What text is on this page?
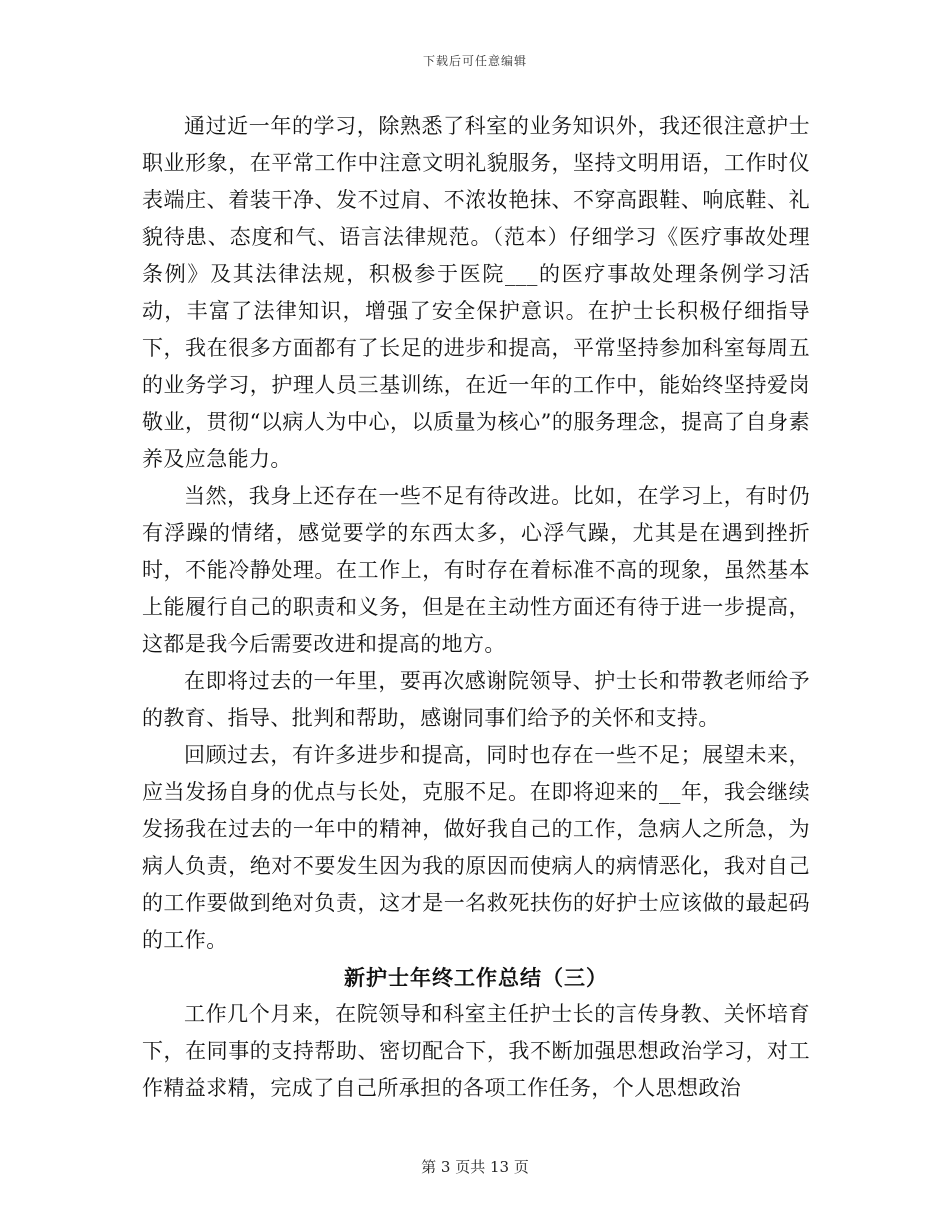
下载后可任意编辑

通过近一年的学习，除熟悉了科室的业务知识外，我还很注意护士职业形象，在平常工作中注意文明礼貌服务，坚持文明用语，工作时仪表端庄、着装干净、发不过肩、不浓妆艳抹、不穿高跟鞋、响底鞋、礼貌待患、态度和气、语言法律规范。（范本）仔细学习《医疗事故处理条例》及其法律法规，积极参于医院___的医疗事故处理条例学习活动，丰富了法律知识，增强了安全保护意识。在护士长积极仔细指导下，我在很多方面都有了长足的进步和提高，平常坚持参加科室每周五的业务学习，护理人员三基训练，在近一年的工作中，能始终坚持爱岗敬业，贯彻“以病人为中心，以质量为核心”的服务理念，提高了自身素养及应急能力。

当然，我身上还存在一些不足有待改进。比如，在学习上，有时仍有浮躁的情绪，感觉要学的东西太多，心浮气躁，尤其是在遇到挫折时，不能冷静处理。在工作上，有时存在着标准不高的现象，虽然基本上能履行自己的职责和义务，但是在主动性方面还有待于进一步提高，这都是我今后需要改进和提高的地方。

在即将过去的一年里，要再次感谢院领导、护士长和带教老师给予的教育、指导、批判和帮助，感谢同事们给予的关怀和支持。

回顾过去，有许多进步和提高，同时也存在一些不足；展望未来，应当发扬自身的优点与长处，克服不足。在即将迎来的__年，我会继续发扬我在过去的一年中的精神，做好我自己的工作，急病人之所急，为病人负责，绝对不要发生因为我的原因而使病人的病情恶化，我对自己的工作要做到绝对负责，这才是一名救死扶伤的好护士应该做的最起码的工作。

新护士年终工作总结（三）

工作几个月来，在院领导和科室主任护士长的言传身教、关怀培育下，在同事的支持帮助、密切配合下，我不断加强思想政治学习，对工作精益求精，完成了自己所承担的各项工作任务，个人思想政治

第 3 页共 13 页
